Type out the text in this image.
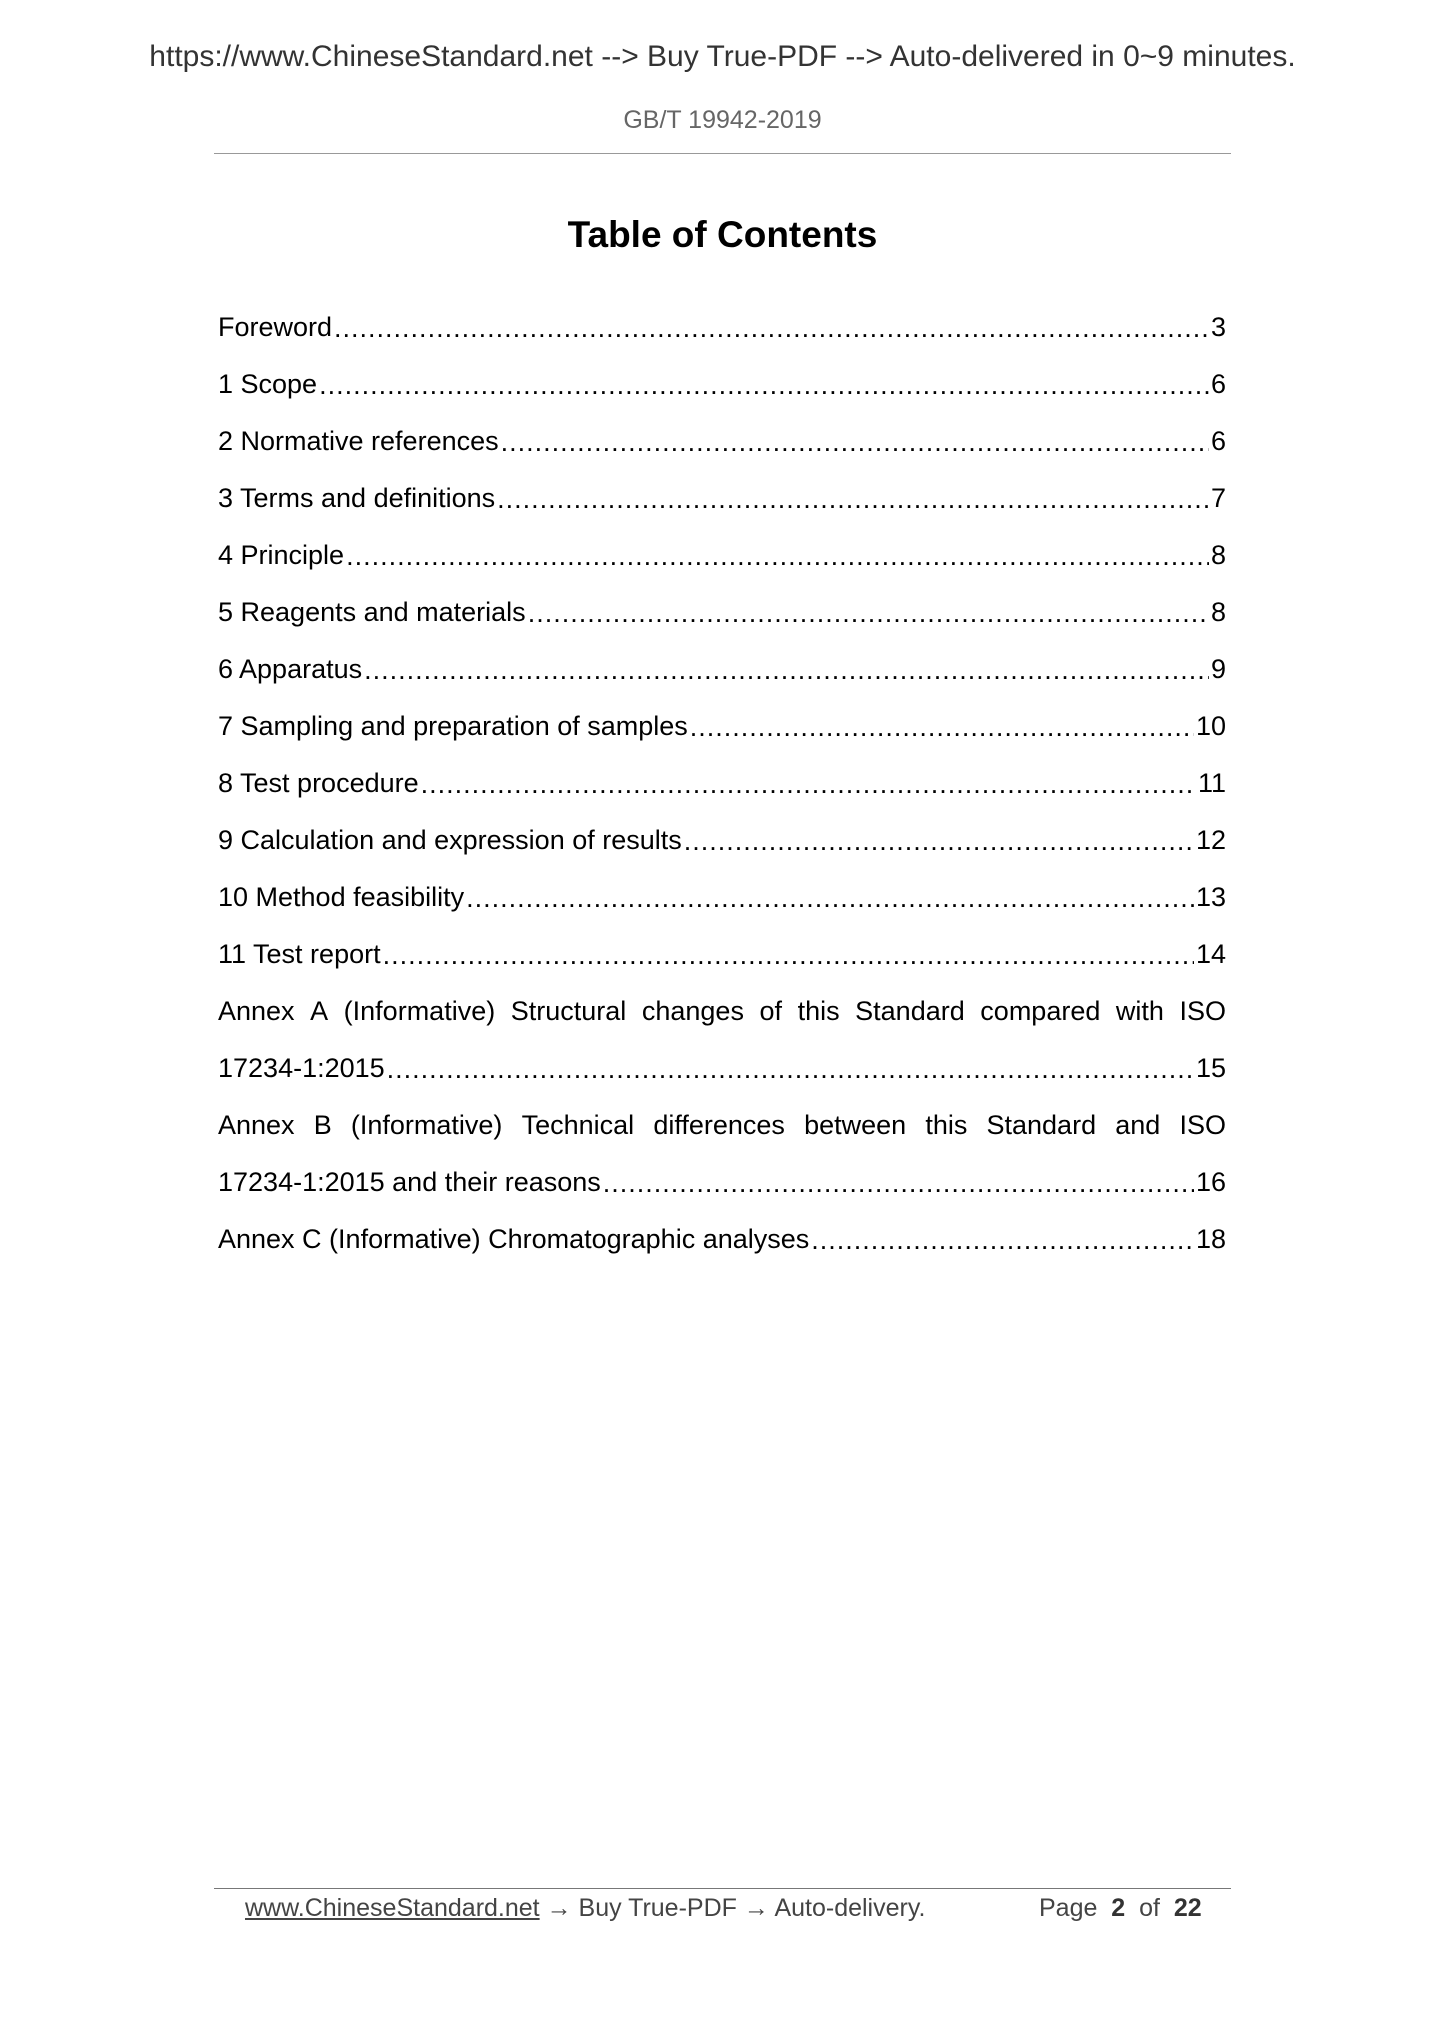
https://www.ChineseStandard.net --> Buy True-PDF --> Auto-delivered in 0~9 minutes.
GB/T 19942-2019
Table of Contents
Foreword .....	3
1 Scope .....	6
2 Normative references .....	6
3 Terms and definitions .....	7
4 Principle .....	8
5 Reagents and materials .....	8
6 Apparatus .....	9
7 Sampling and preparation of samples .....	10
8 Test procedure .....	11
9 Calculation and expression of results .....	12
10 Method feasibility .....	13
11 Test report .....	14
Annex A (Informative) Structural changes of this Standard compared with ISO
17234-1:2015 .....	15
Annex B (Informative) Technical differences between this Standard and ISO
17234-1:2015 and their reasons .....	16
Annex C (Informative) Chromatographic analyses .....	18
www.ChineseStandard.net → Buy True-PDF → Auto-delivery.	Page 2 of 22
